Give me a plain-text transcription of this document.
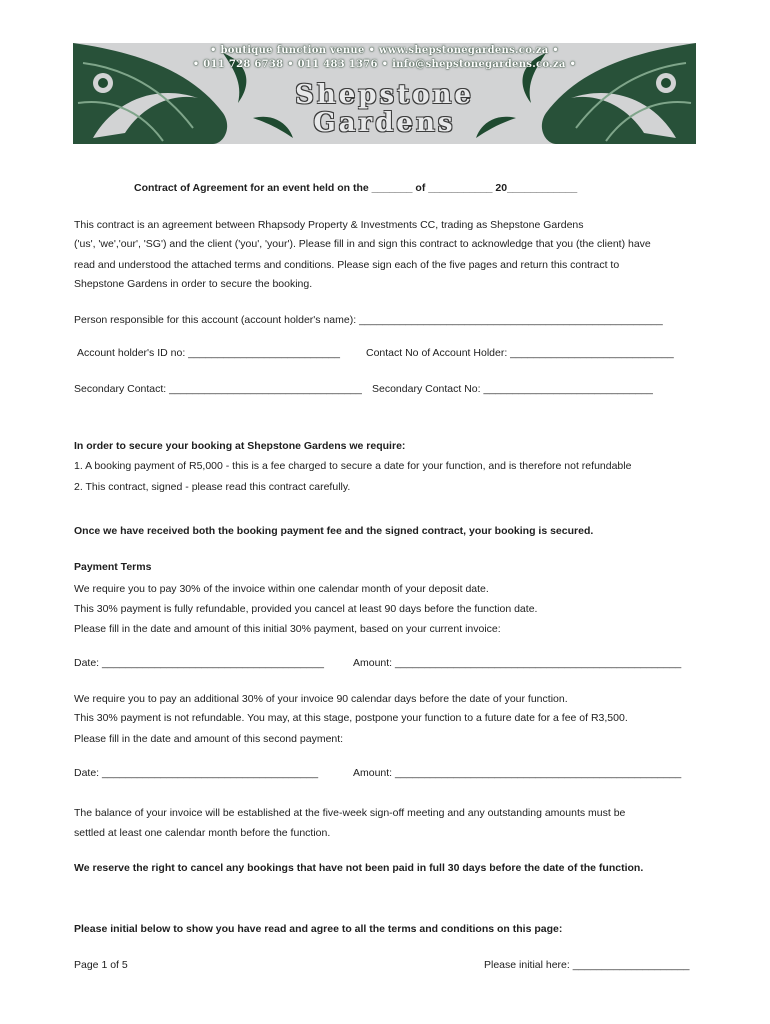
• boutique function venue • www.shepstonegardens.co.za •
• 011 728 6738 • 011 483 1376 • info@shepstonegardens.co.za •
Shepstone
Gardens
Contract of Agreement for an event held on the _______ of ___________ 20____________
This contract is an agreement between Rhapsody Property & Investments CC, trading as Shepstone Gardens
('us', 'we','our', 'SG') and the client ('you', 'your'). Please fill in and sign this contract to acknowledge that you (the client) have
read and understood the attached terms and conditions. Please sign each of the five pages and return this contract to
Shepstone Gardens in order to secure the booking.
Person responsible for this account (account holder's name): ____________________________________________________
Account holder's ID no: __________________________ Contact No of Account Holder: ____________________________
Secondary Contact: _________________________________ Secondary Contact No: _____________________________
In order to secure your booking at Shepstone Gardens we require:
1. A booking payment of R5,000 - this is a fee charged to secure a date for your function, and is therefore not refundable
2. This contract, signed - please read this contract carefully.
Once we have received both the booking payment fee and the signed contract, your booking is secured.
Payment Terms
We require you to pay 30% of the invoice within one calendar month of your deposit date.
This 30% payment is fully refundable, provided you cancel at least 90 days before the function date.
Please fill in the date and amount of this initial 30% payment, based on your current invoice:
Date: ______________________________________	Amount: _________________________________________________
We require you to pay an additional 30% of your invoice 90 calendar days before the date of your function.
This 30% payment is not refundable. You may, at this stage, postpone your function to a future date for a fee of R3,500.
Please fill in the date and amount of this second payment:
Date: _____________________________________	Amount: _________________________________________________
The balance of your invoice will be established at the five-week sign-off meeting and any outstanding amounts must be
settled at least one calendar month before the function.
We reserve the right to cancel any bookings that have not been paid in full 30 days before the date of the function.
Please initial below to show you have read and agree to all the terms and conditions on this page:
Page 1 of 5	Please initial here: ____________________
